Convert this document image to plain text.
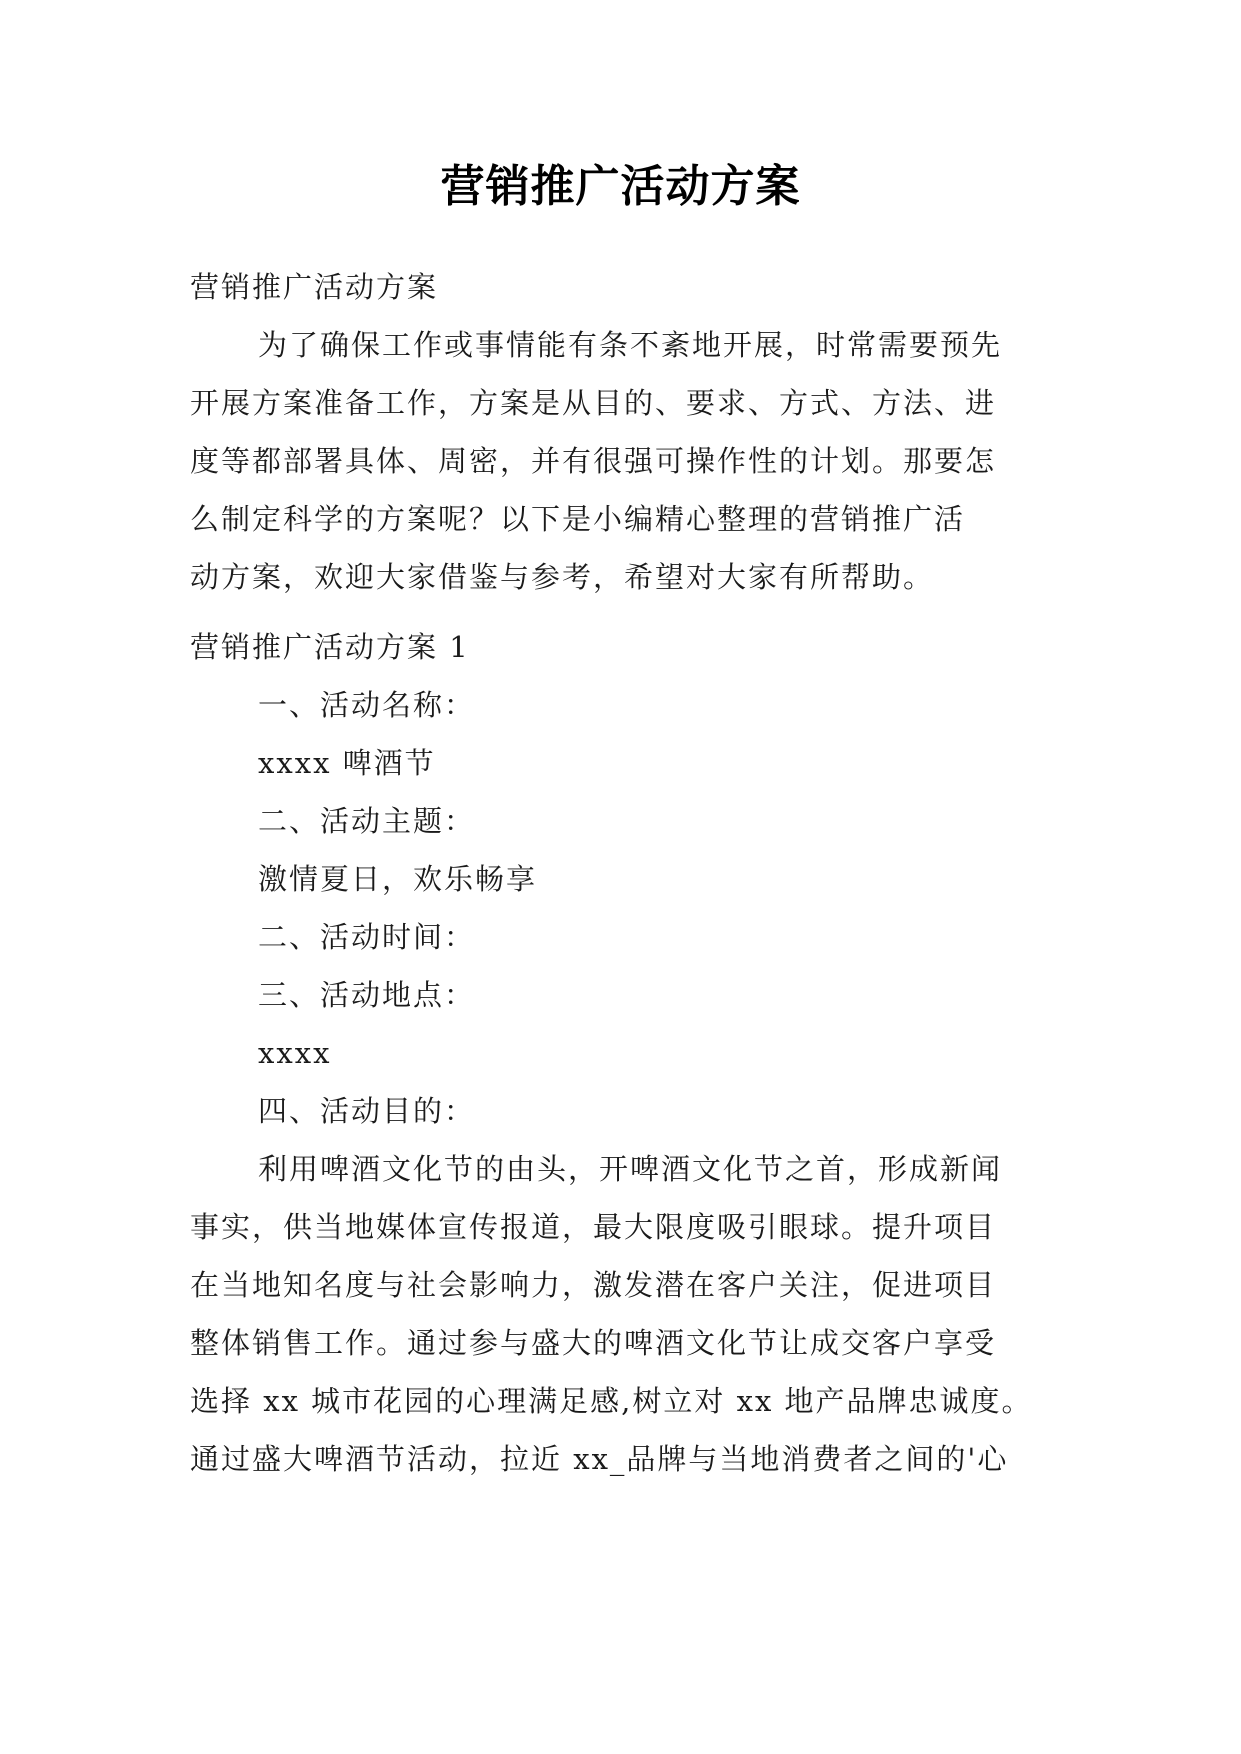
营销推广活动方案
营销推广活动方案
为了确保工作或事情能有条不紊地开展，时常需要预先
开展方案准备工作，方案是从目的、要求、方式、方法、进
度等都部署具体、周密，并有很强可操作性的计划。那要怎
么制定科学的方案呢？以下是小编精心整理的营销推广活
动方案，欢迎大家借鉴与参考，希望对大家有所帮助。
营销推广活动方案 1
一、活动名称：
xxxx 啤酒节
二、活动主题：
激情夏日，欢乐畅享
二、活动时间：
三、活动地点：
xxxx
四、活动目的：
利用啤酒文化节的由头，开啤酒文化节之首，形成新闻
事实，供当地媒体宣传报道，最大限度吸引眼球。提升项目
在当地知名度与社会影响力，激发潜在客户关注，促进项目
整体销售工作。通过参与盛大的啤酒文化节让成交客户享受
选择 xx 城市花园的心理满足感,树立对 xx 地产品牌忠诚度。
通过盛大啤酒节活动，拉近 xx_品牌与当地消费者之间的'心
